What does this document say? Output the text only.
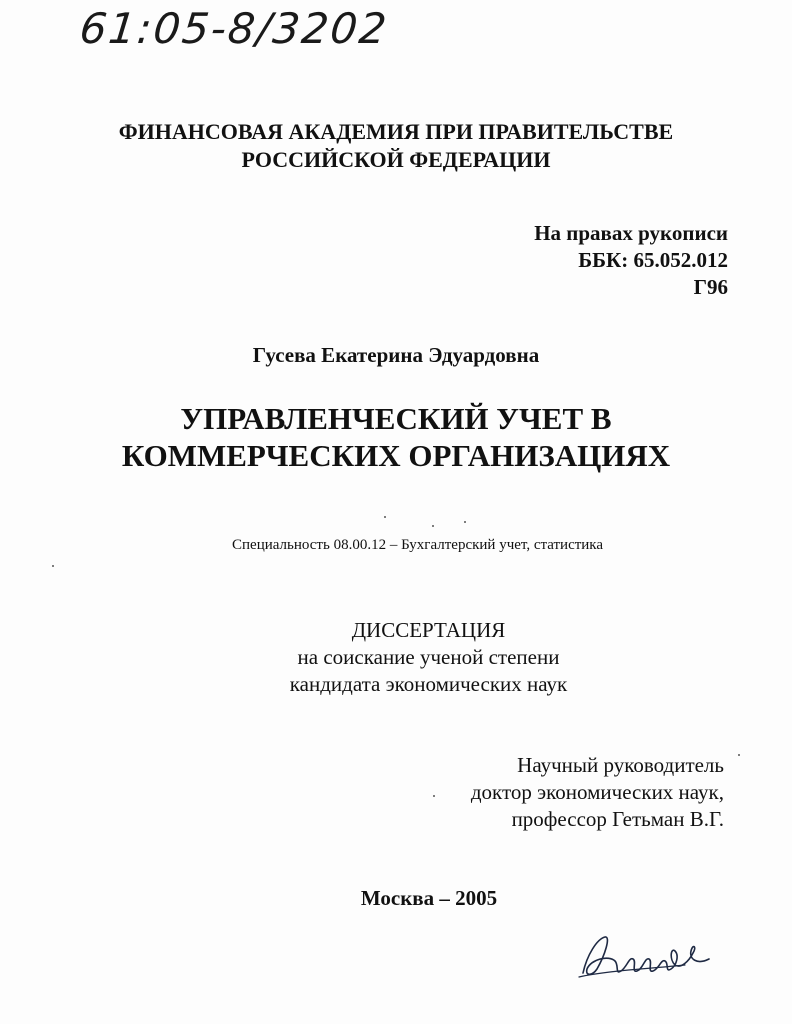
61:05-8/3202
ФИНАНСОВАЯ АКАДЕМИЯ ПРИ ПРАВИТЕЛЬСТВЕ
РОССИЙСКОЙ ФЕДЕРАЦИИ
На правах рукописи
ББК: 65.052.012
Г96
Гусева Екатерина Эдуардовна
УПРАВЛЕНЧЕСКИЙ УЧЕТ В
КОММЕРЧЕСКИХ ОРГАНИЗАЦИЯХ
Специальность 08.00.12 – Бухгалтерский учет, статистика
ДИССЕРТАЦИЯ
на соискание ученой степени
кандидата экономических наук
Научный руководитель
доктор экономических наук,
профессор Гетьман В.Г.
Москва – 2005
